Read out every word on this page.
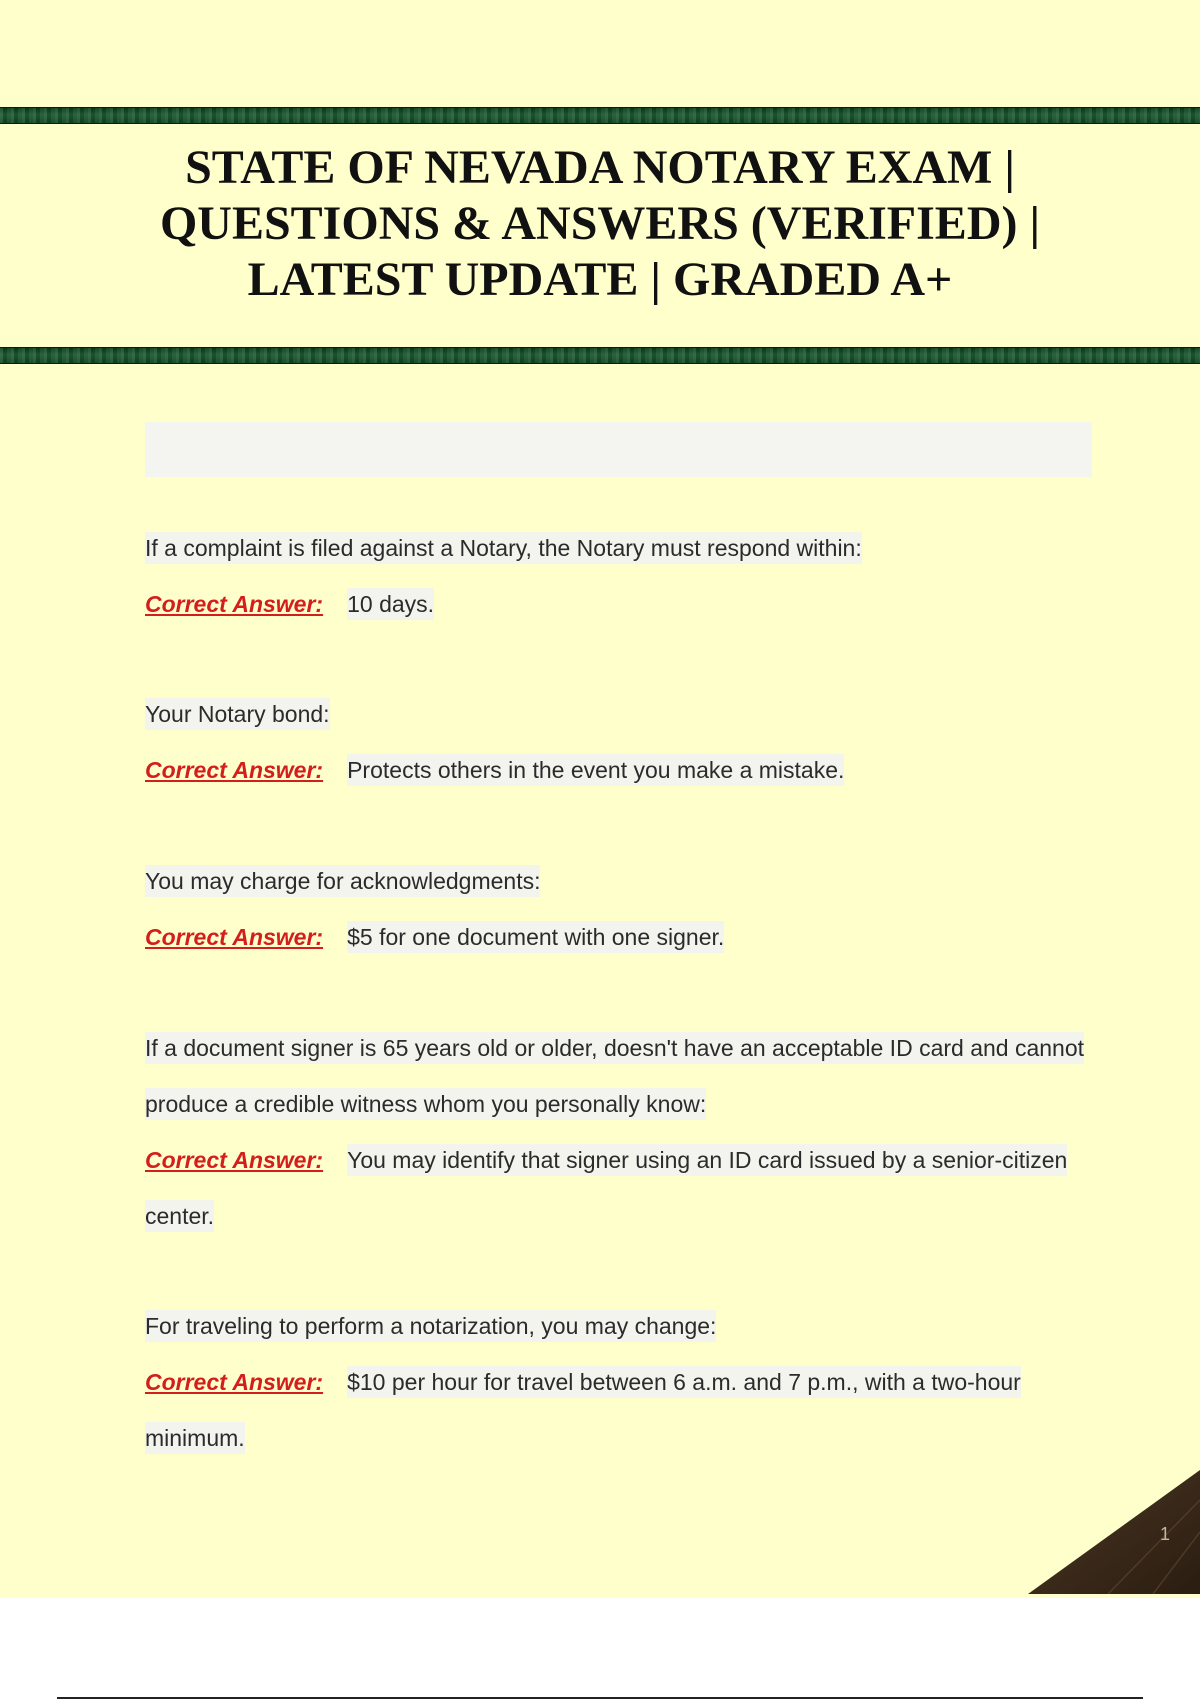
STATE OF NEVADA NOTARY EXAM |
QUESTIONS & ANSWERS (VERIFIED) |
LATEST UPDATE | GRADED A+

If a complaint is filed against a Notary, the Notary must respond within:

Correct Answer: 10 days.

Your Notary bond:

Correct Answer: Protects others in the event you make a mistake.

You may charge for acknowledgments:

Correct Answer: $5 for one document with one signer.

If a document signer is 65 years old or older, doesn't have an acceptable ID card and cannot produce a credible witness whom you personally know:

Correct Answer: You may identify that signer using an ID card issued by a senior-citizen center.

For traveling to perform a notarization, you may change:

Correct Answer: $10 per hour for travel between 6 a.m. and 7 p.m., with a two-hour minimum.

1
